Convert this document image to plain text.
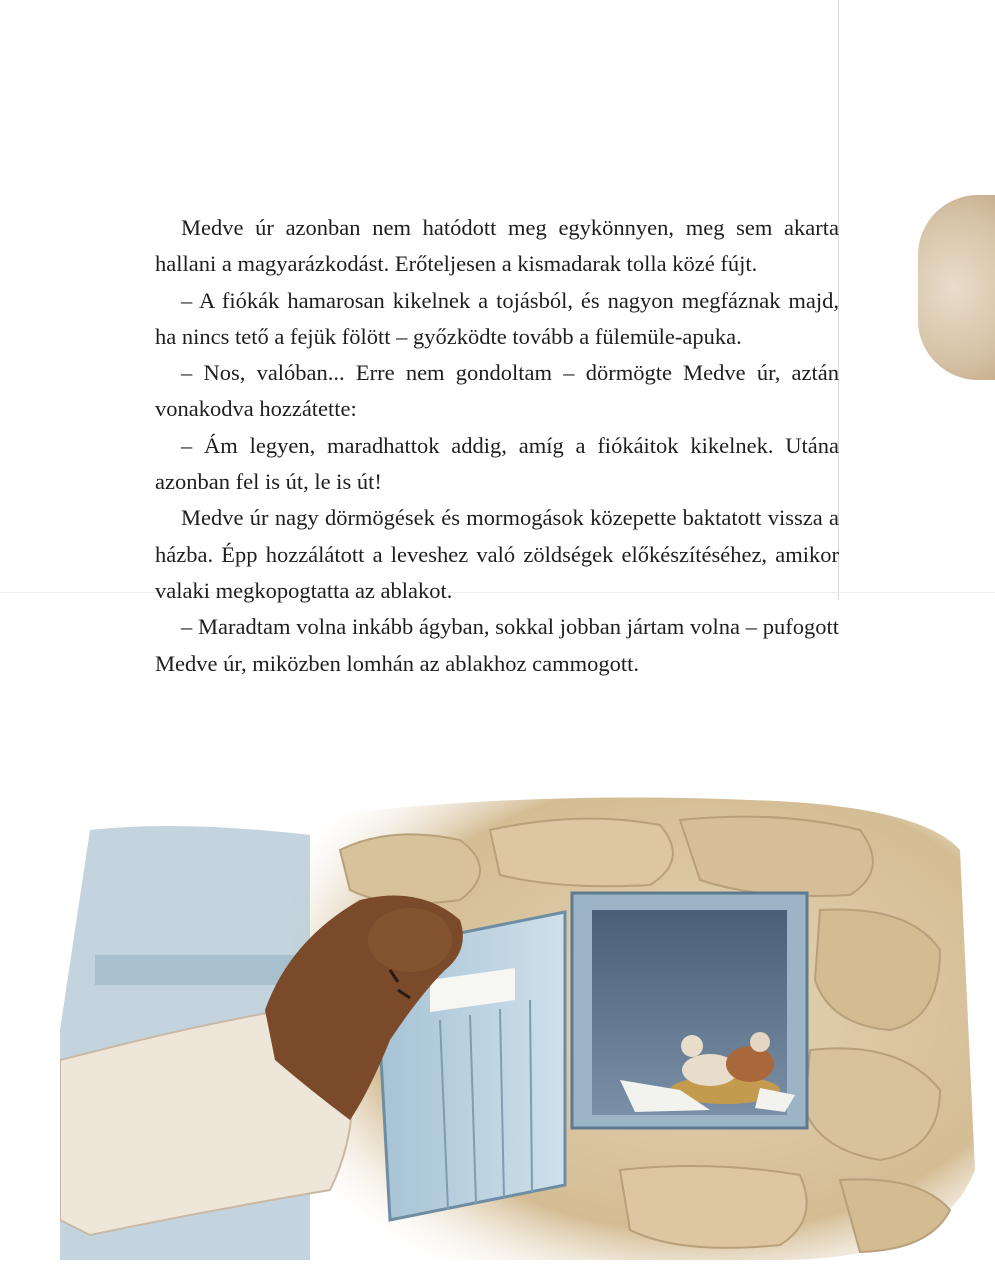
Medve úr azonban nem hatódott meg egykönnyen, meg sem akarta hallani a magyarázkodást. Erőteljesen a kismadarak tolla közé fújt.

– A fiókák hamarosan kikelnek a tojásból, és nagyon megfáznak majd, ha nincs tető a fejük fölött – győzködte tovább a fülemüle-apuka.

– Nos, valóban... Erre nem gondoltam – dörmögte Medve úr, aztán vonakodva hozzátette:

– Ám legyen, maradhattok addig, amíg a fiókáitok kikelnek. Utána azonban fel is út, le is út!

Medve úr nagy dörmögések és mormogások közepette baktatott vissza a házba. Épp hozzálátott a leveshez való zöldségek előkészítéséhez, amikor valaki megkopogtatta az ablakot.

– Maradtam volna inkább ágyban, sokkal jobban jártam volna – pufogott Medve úr, miközben lomhán az ablakhoz cammogott.
